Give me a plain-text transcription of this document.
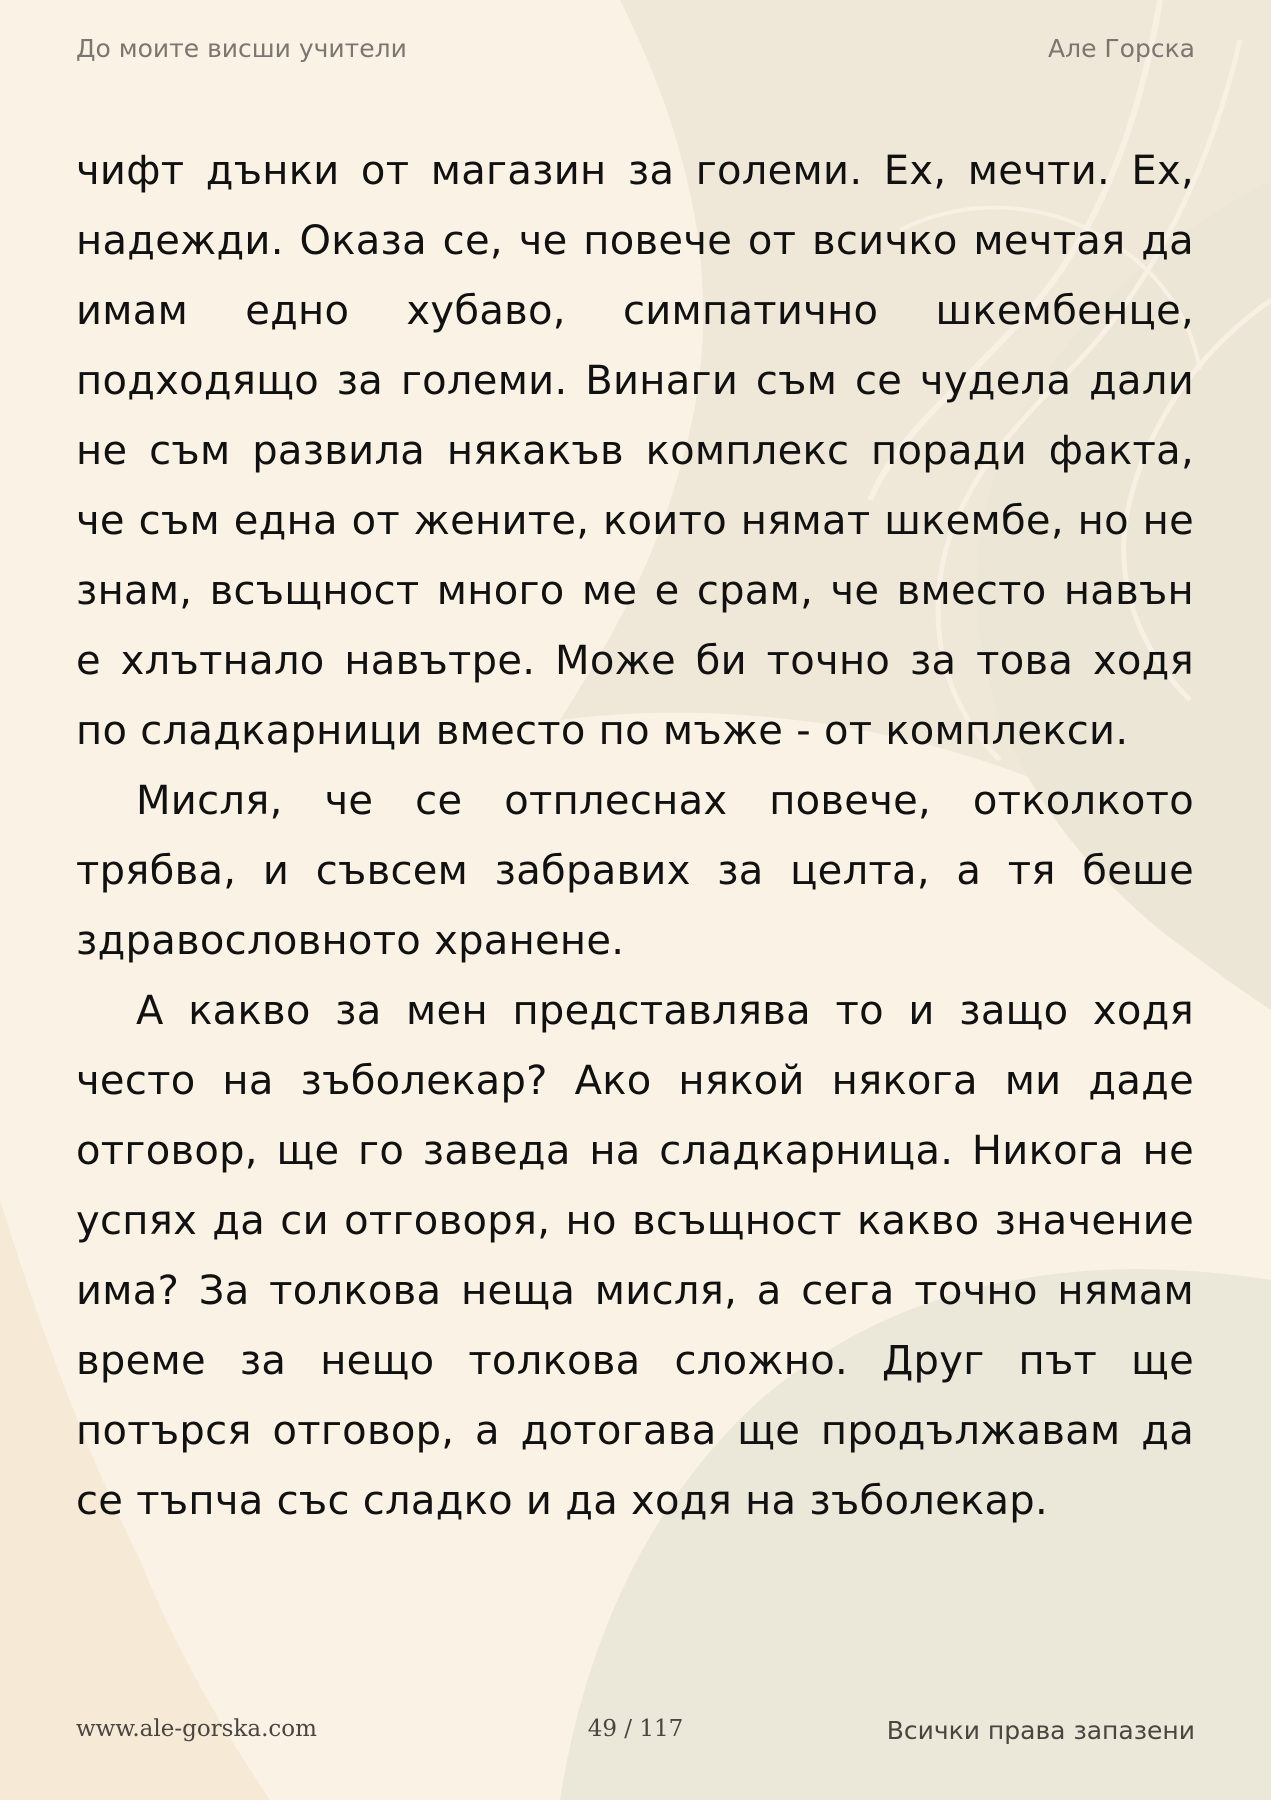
До моите висши учители	Але Горска

чифт дънки от магазин за големи. Ех, мечти. Ех, надежди. Оказа се, че повече от всичко мечтая да имам едно хубаво, симпатично шкембенце, подходящо за големи. Винаги съм се чудела дали не съм развила някакъв комплекс поради факта, че съм една от жените, които нямат шкембе, но не знам, всъщност много ме е срам, че вместо навън е хлътнало навътре. Може би точно за това ходя по сладкарници вместо по мъже - от комплекси.

Мисля, че се отплеснах повече, отколкото трябва, и съвсем забравих за целта, а тя беше здравословното хранене.

А какво за мен представлява то и защо ходя често на зъболекар? Ако някой някога ми даде отговор, ще го заведа на сладкарница. Никога не успях да си отговоря, но всъщност какво значение има? За толкова неща мисля, а сега точно нямам време за нещо толкова сложно. Друг път ще потърся отговор, а дотогава ще продължавам да се тъпча със сладко и да ходя на зъболекар.

www.ale-gorska.com	49 / 117	Всички права запазени
